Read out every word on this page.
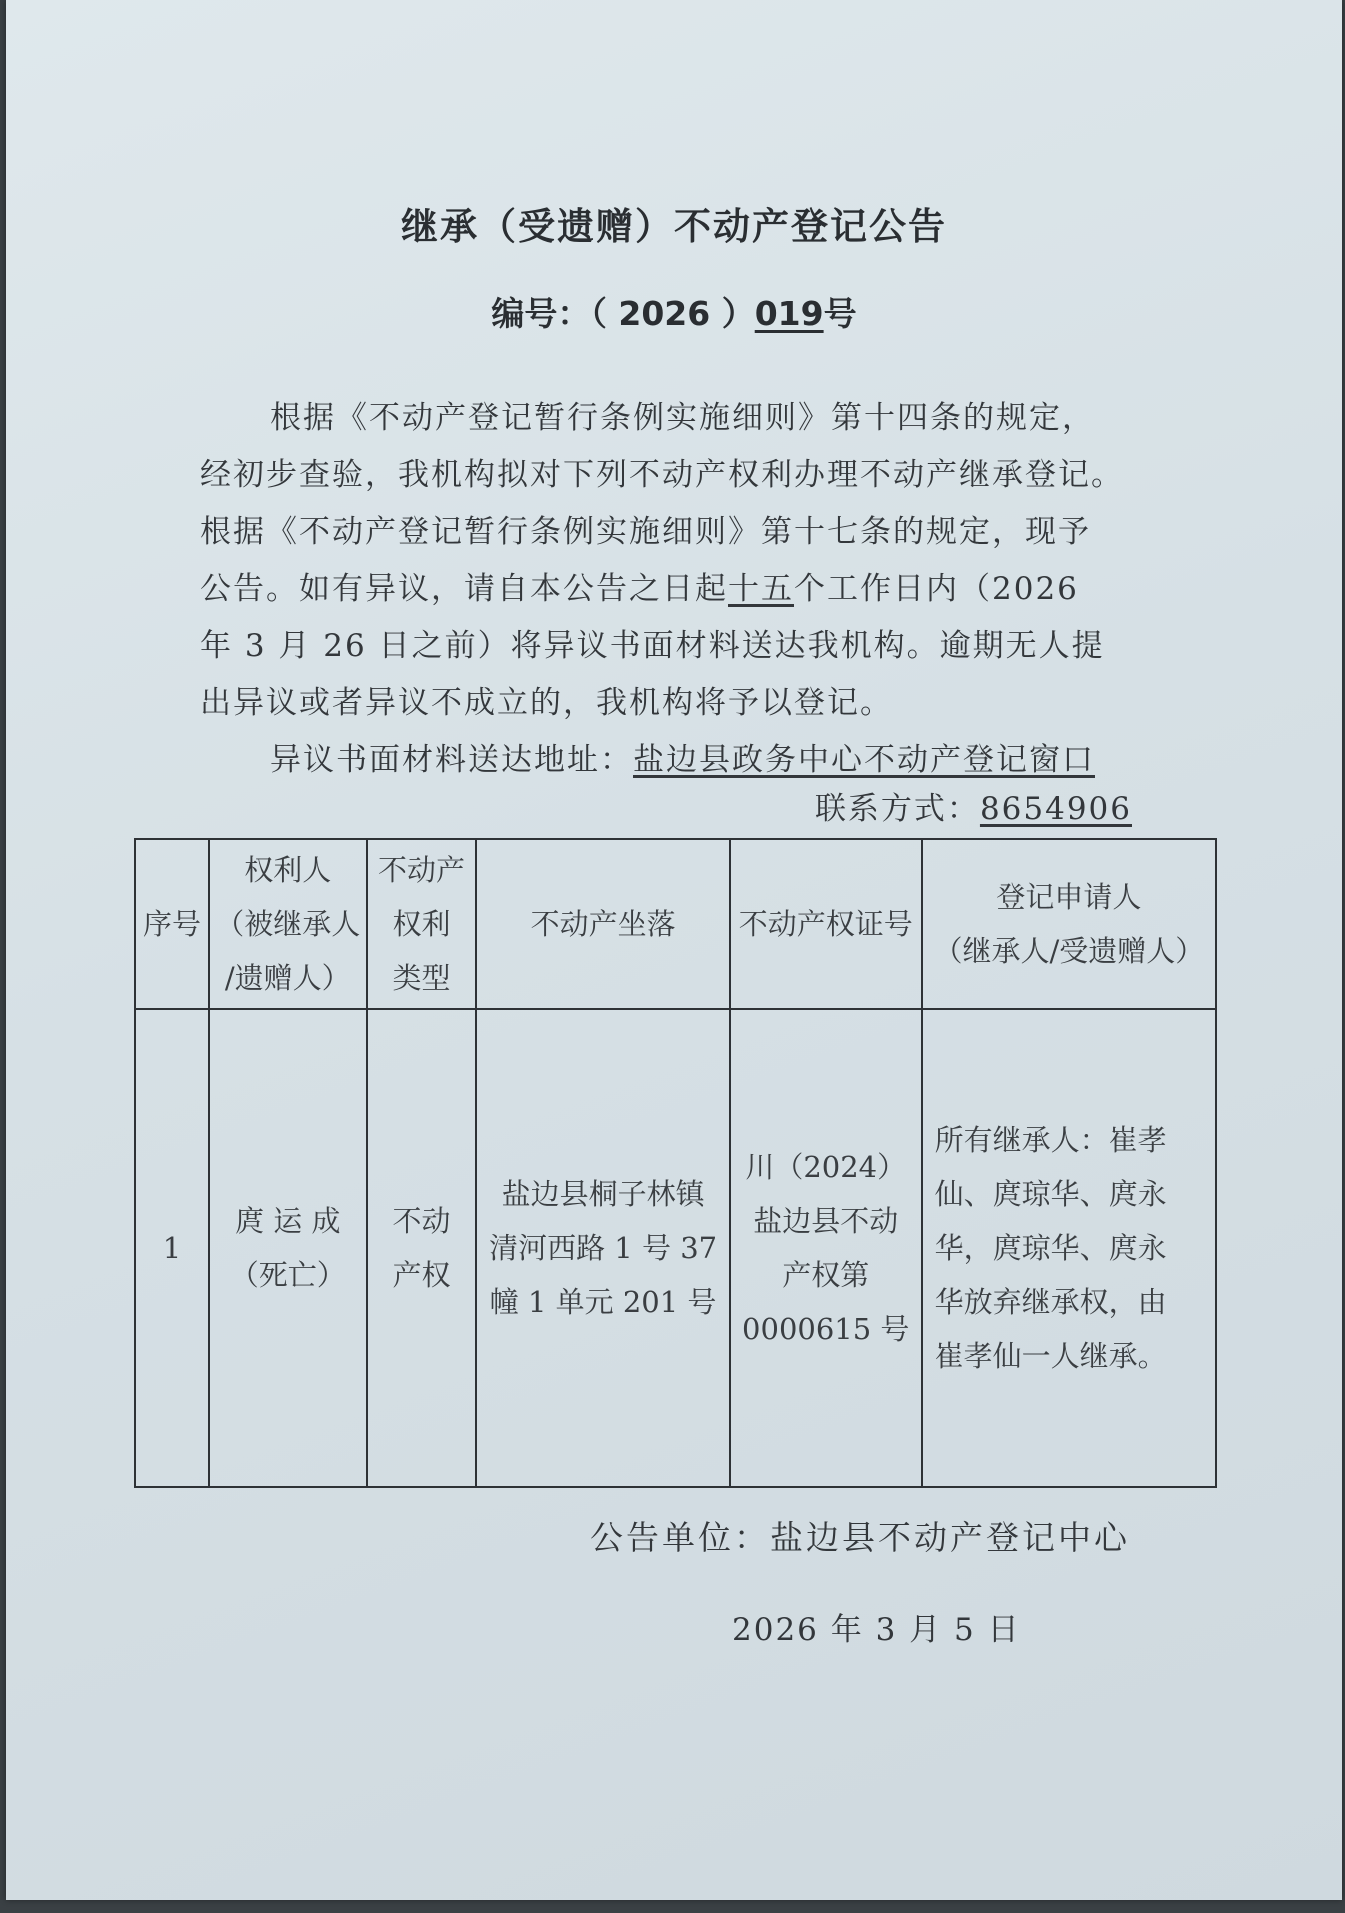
继承（受遗赠）不动产登记公告
编号：（ 2026 ）019号

根据《不动产登记暂行条例实施细则》第十四条的规定，

经初步查验，我机构拟对下列不动产权利办理不动产继承登记。

根据《不动产登记暂行条例实施细则》第十七条的规定，现予

公告。如有异议，请自本公告之日起十五个工作日内（2026

年 3 月 26 日之前）将异议书面材料送达我机构。逾期无人提

出异议或者异议不成立的，我机构将予以登记。

异议书面材料送达地址：盐边县政务中心不动产登记窗口

联系方式：8654906
序号	权利人
（被继承人
/遗赠人）	不动产
权利
类型	不动产坐落	不动产权证号	登记申请人
（继承人/受遗赠人）
1	庹 运 成
（死亡）	不动
产权	盐边县桐子林镇
清河西路 1 号 37
幢 1 单元 201 号	川（2024）
盐边县不动
产权第
0000615 号	所有继承人：崔孝
仙、庹琼华、庹永
华，庹琼华、庹永
华放弃继承权，由
崔孝仙一人继承。
公告单位：盐边县不动产登记中心
2026 年 3 月 5 日
